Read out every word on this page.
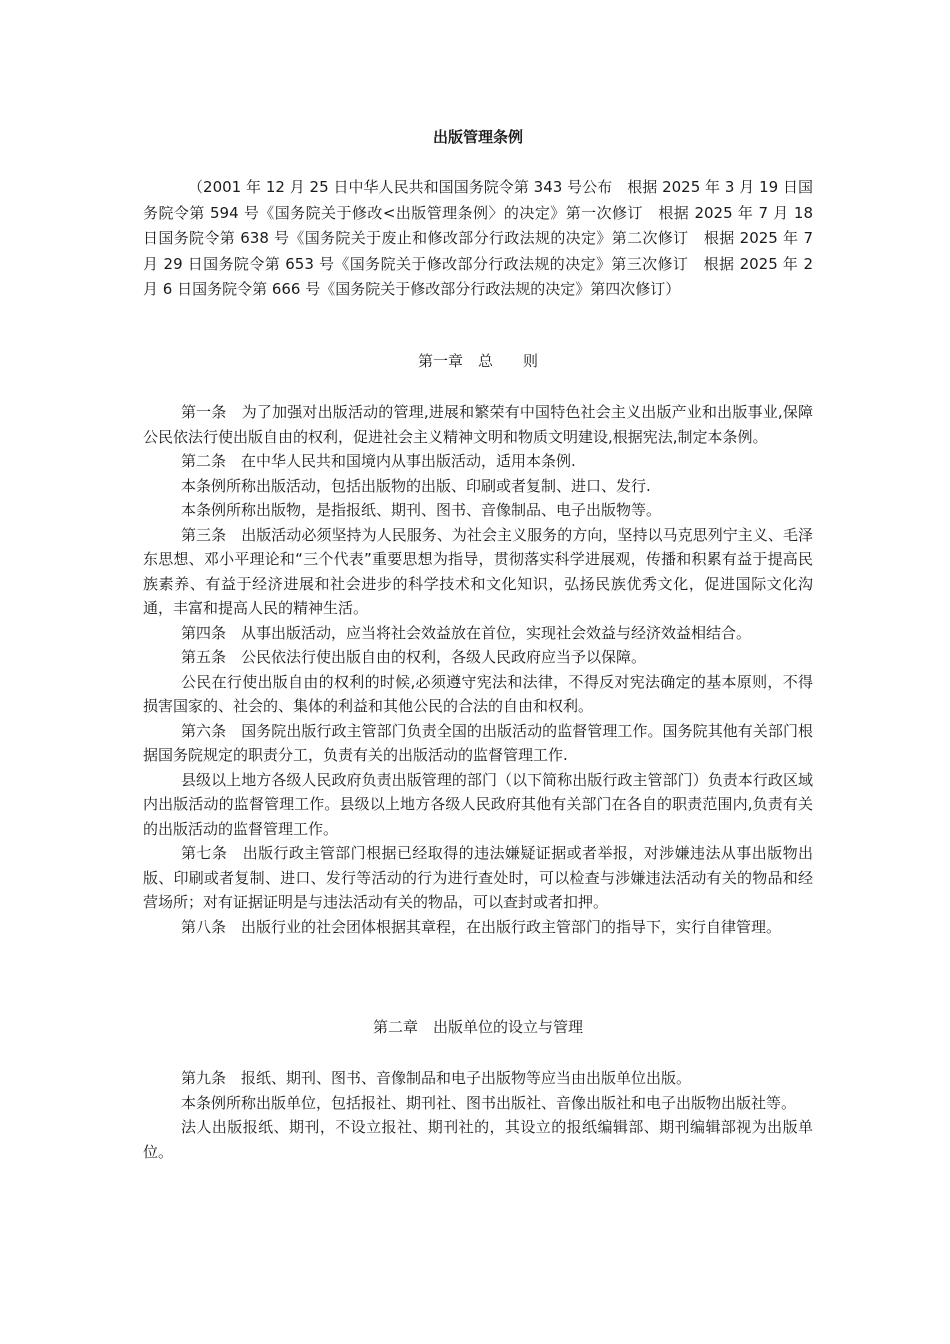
出版管理条例

（2001 年 12 月 25 日中华人民共和国国务院令第 343 号公布　根据 2025 年 3 月 19 日国务院令第 594 号《国务院关于修改<出版管理条例〉的决定》第一次修订　根据 2025 年 7 月 18 日国务院令第 638 号《国务院关于废止和修改部分行政法规的决定》第二次修订　根据 2025 年 7 月 29 日国务院令第 653 号《国务院关于修改部分行政法规的决定》第三次修订　根据 2025 年 2 月 6 日国务院令第 666 号《国务院关于修改部分行政法规的决定》第四次修订）

第一章　总　　则

第一条　为了加强对出版活动的管理,进展和繁荣有中国特色社会主义出版产业和出版事业,保障公民依法行使出版自由的权利，促进社会主义精神文明和物质文明建设,根据宪法,制定本条例。

第二条　在中华人民共和国境内从事出版活动，适用本条例.

本条例所称出版活动，包括出版物的出版、印刷或者复制、进口、发行.

本条例所称出版物，是指报纸、期刊、图书、音像制品、电子出版物等。

第三条　出版活动必须坚持为人民服务、为社会主义服务的方向，坚持以马克思列宁主义、毛泽东思想、邓小平理论和“三个代表”重要思想为指导，贯彻落实科学进展观，传播和积累有益于提高民族素养、有益于经济进展和社会进步的科学技术和文化知识，弘扬民族优秀文化，促进国际文化沟通，丰富和提高人民的精神生活。

第四条　从事出版活动，应当将社会效益放在首位，实现社会效益与经济效益相结合。

第五条　公民依法行使出版自由的权利，各级人民政府应当予以保障。

公民在行使出版自由的权利的时候,必须遵守宪法和法律，不得反对宪法确定的基本原则，不得损害国家的、社会的、集体的利益和其他公民的合法的自由和权利。

第六条　国务院出版行政主管部门负责全国的出版活动的监督管理工作。国务院其他有关部门根据国务院规定的职责分工，负责有关的出版活动的监督管理工作.

县级以上地方各级人民政府负责出版管理的部门（以下简称出版行政主管部门）负责本行政区域内出版活动的监督管理工作。县级以上地方各级人民政府其他有关部门在各自的职责范围内,负责有关的出版活动的监督管理工作。

第七条　出版行政主管部门根据已经取得的违法嫌疑证据或者举报，对涉嫌违法从事出版物出版、印刷或者复制、进口、发行等活动的行为进行查处时，可以检查与涉嫌违法活动有关的物品和经营场所；对有证据证明是与违法活动有关的物品，可以查封或者扣押。

第八条　出版行业的社会团体根据其章程，在出版行政主管部门的指导下，实行自律管理。

第二章　出版单位的设立与管理

第九条　报纸、期刊、图书、音像制品和电子出版物等应当由出版单位出版。

本条例所称出版单位，包括报社、期刊社、图书出版社、音像出版社和电子出版物出版社等。

法人出版报纸、期刊，不设立报社、期刊社的，其设立的报纸编辑部、期刊编辑部视为出版单位。
